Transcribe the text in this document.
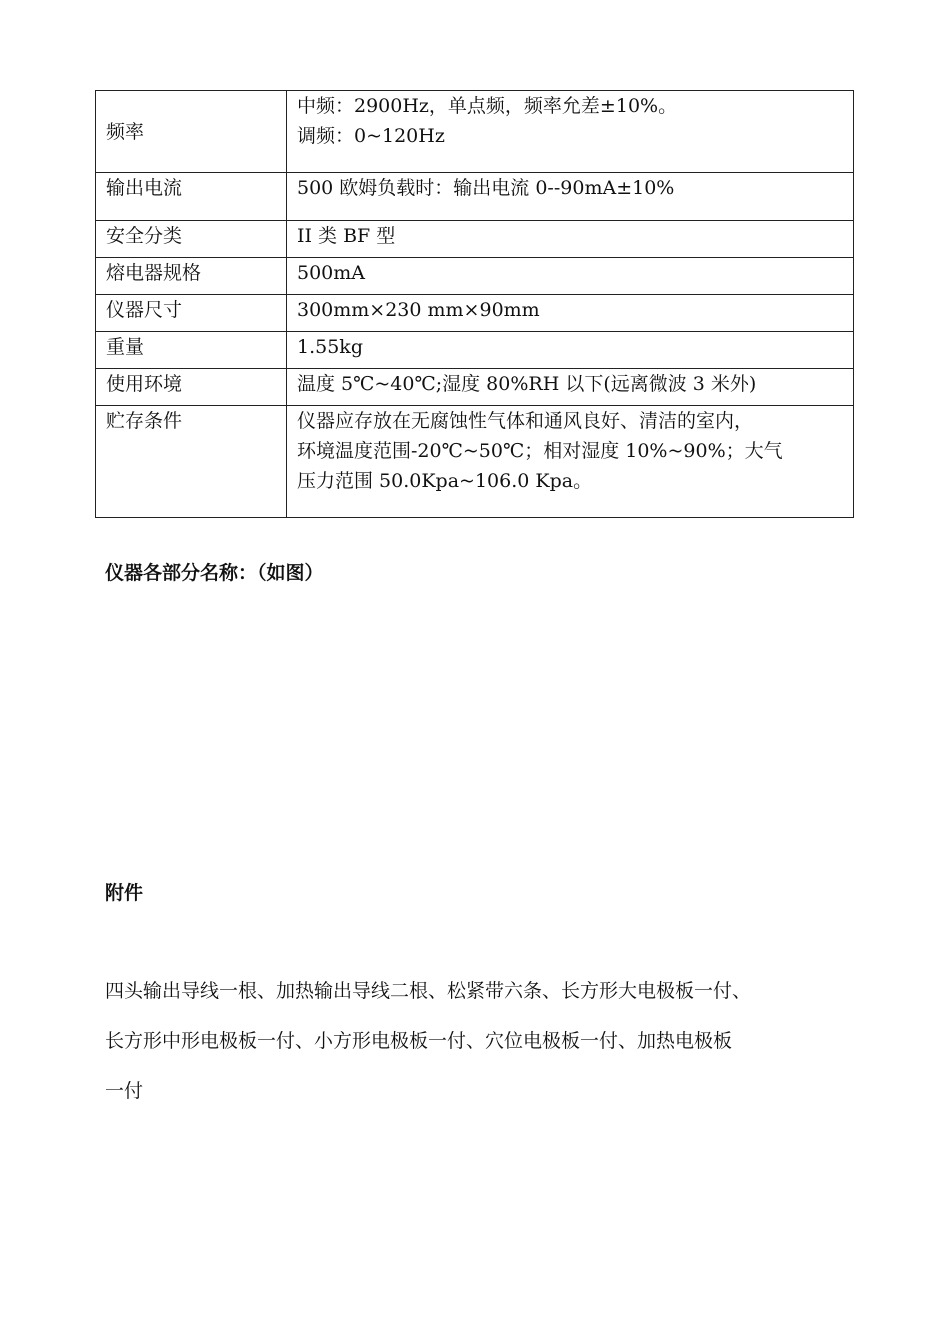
频率	中频：2900Hz，单点频，频率允差±10%。
调频：0~120Hz

输出电流	500 欧姆负载时：输出电流 0--90mA±10%

安全分类	II 类 BF 型

熔电器规格	500mA

仪器尺寸	300mm×230 mm×90mm

重量	1.55kg

使用环境	温度 5℃~40℃;湿度 80%RH 以下(远离微波 3 米外)

贮存条件	仪器应存放在无腐蚀性气体和通风良好、清洁的室内，
环境温度范围-20℃~50℃；相对湿度 10%~90%；大气
压力范围 50.0Kpa~106.0 Kpa。
仪器各部分名称：（如图）
附件
四头输出导线一根、加热输出导线二根、松紧带六条、长方形大电极板一付、
长方形中形电极板一付、小方形电极板一付、穴位电极板一付、加热电极板
一付
